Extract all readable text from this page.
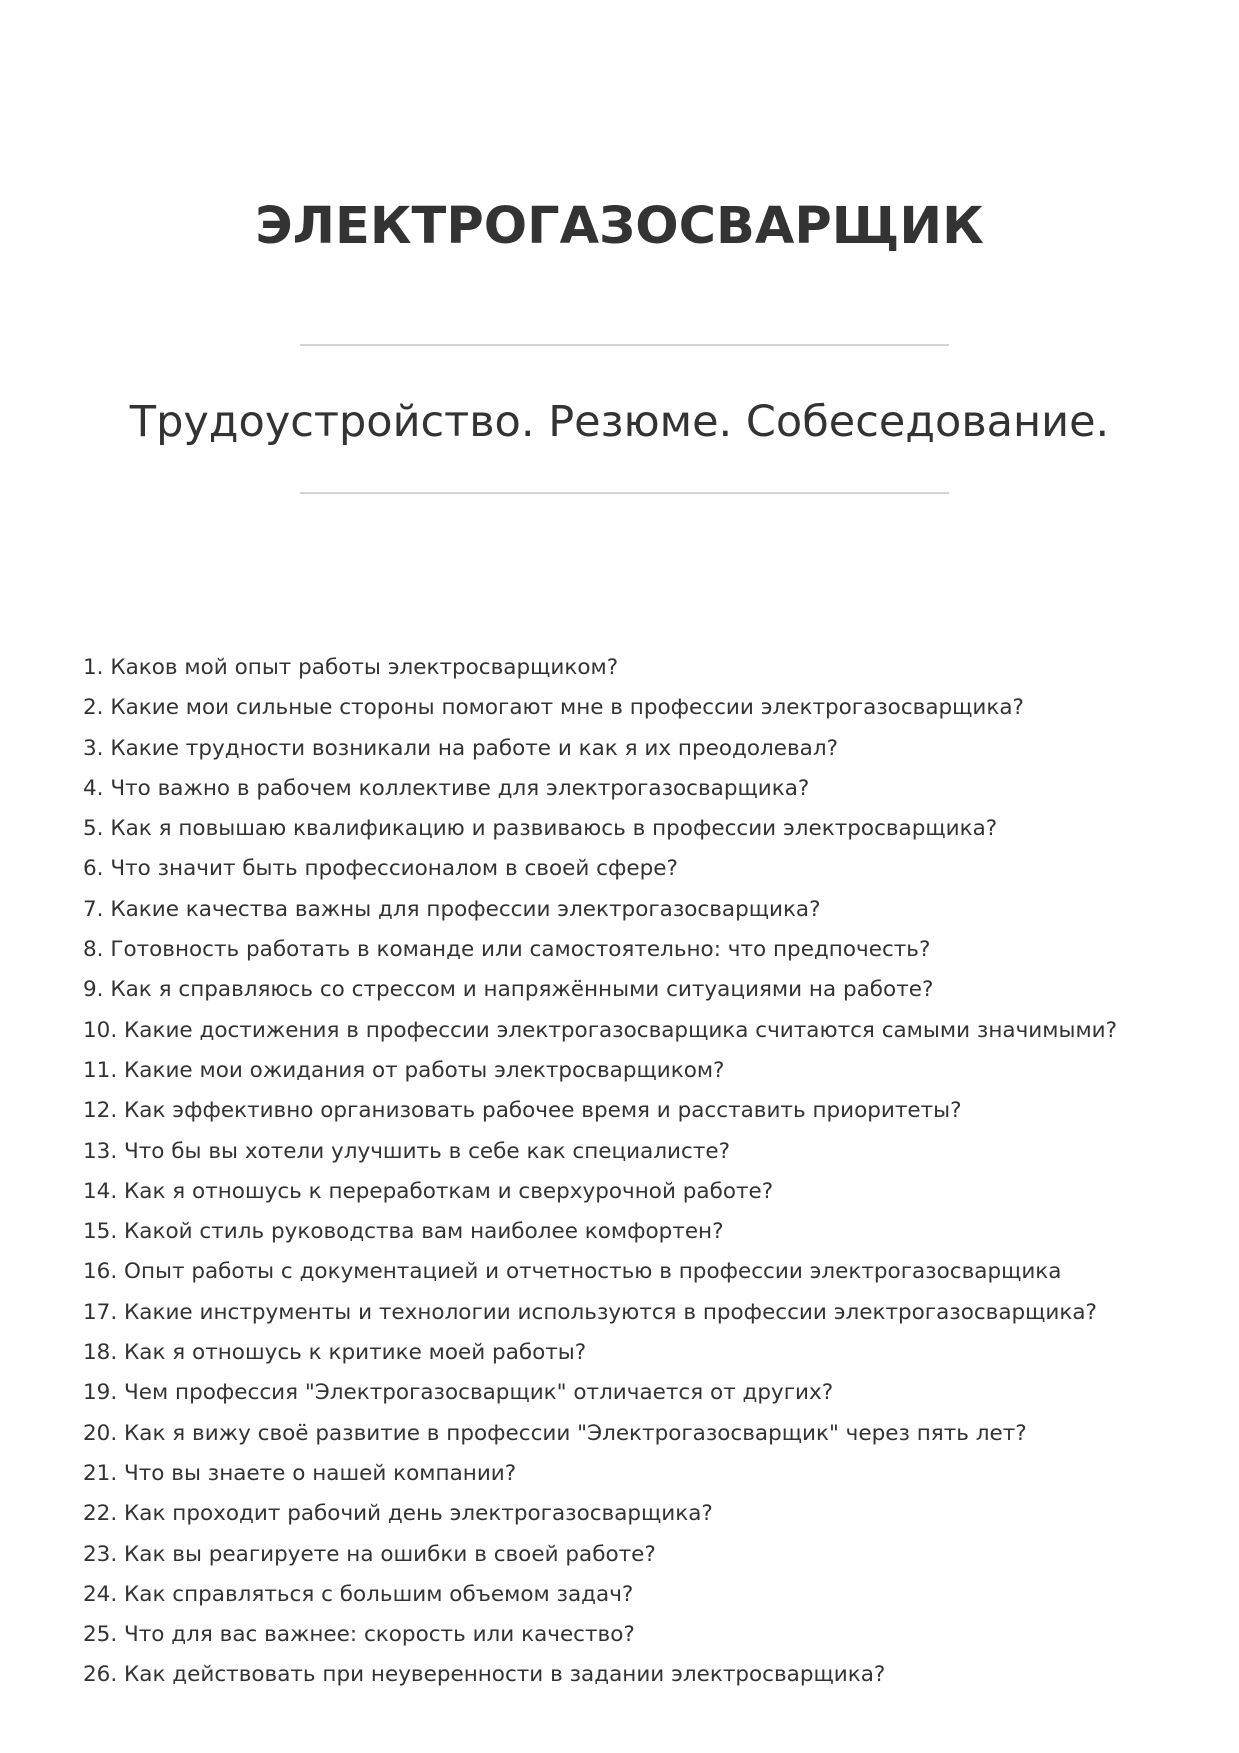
ЭЛЕКТРОГАЗОСВАРЩИК
Трудоустройство. Резюме. Собеседование.
1. Каков мой опыт работы электросварщиком?
2. Какие мои сильные стороны помогают мне в профессии электрогазосварщика?
3. Какие трудности возникали на работе и как я их преодолевал?
4. Что важно в рабочем коллективе для электрогазосварщика?
5. Как я повышаю квалификацию и развиваюсь в профессии электросварщика?
6. Что значит быть профессионалом в своей сфере?
7. Какие качества важны для профессии электрогазосварщика?
8. Готовность работать в команде или самостоятельно: что предпочесть?
9. Как я справляюсь со стрессом и напряжёнными ситуациями на работе?
10. Какие достижения в профессии электрогазосварщика считаются самыми значимыми?
11. Какие мои ожидания от работы электросварщиком?
12. Как эффективно организовать рабочее время и расставить приоритеты?
13. Что бы вы хотели улучшить в себе как специалисте?
14. Как я отношусь к переработкам и сверхурочной работе?
15. Какой стиль руководства вам наиболее комфортен?
16. Опыт работы с документацией и отчетностью в профессии электрогазосварщика
17. Какие инструменты и технологии используются в профессии электрогазосварщика?
18. Как я отношусь к критике моей работы?
19. Чем профессия "Электрогазосварщик" отличается от других?
20. Как я вижу своё развитие в профессии "Электрогазосварщик" через пять лет?
21. Что вы знаете о нашей компании?
22. Как проходит рабочий день электрогазосварщика?
23. Как вы реагируете на ошибки в своей работе?
24. Как справляться с большим объемом задач?
25. Что для вас важнее: скорость или качество?
26. Как действовать при неуверенности в задании электросварщика?
